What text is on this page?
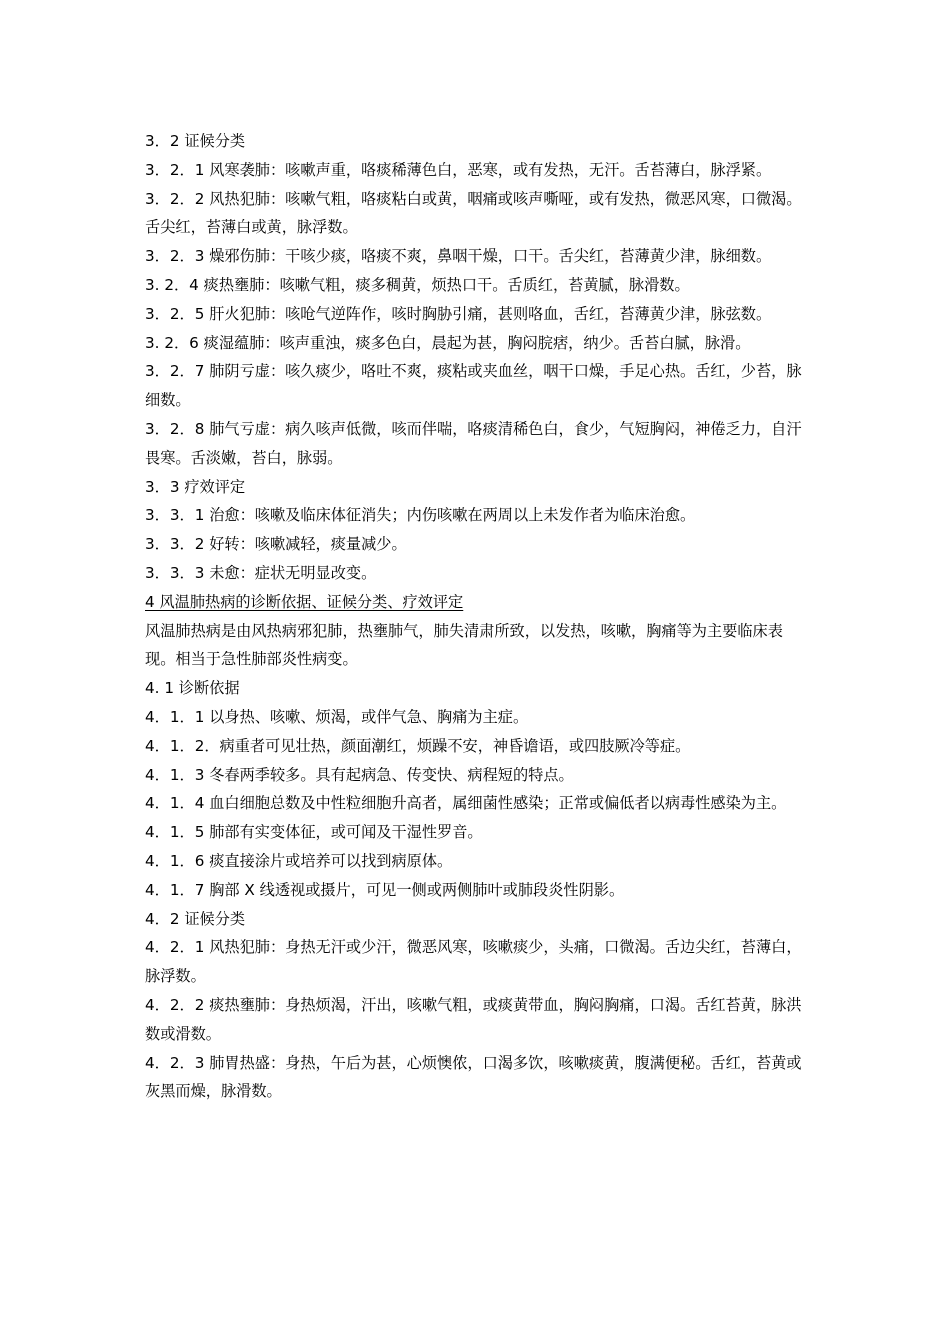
3．2 证候分类

3．2．1 风寒袭肺：咳嗽声重，咯痰稀薄色白，恶寒，或有发热，无汗。舌苔薄白，脉浮紧。

3．2．2 风热犯肺：咳嗽气粗，咯痰粘白或黄，咽痛或咳声嘶哑，或有发热，微恶风寒，口微渴。舌尖红，苔薄白或黄，脉浮数。

3．2．3 燥邪伤肺：干咳少痰，咯痰不爽，鼻咽干燥，口干。舌尖红，苔薄黄少津，脉细数。

3. 2．4 痰热壅肺：咳嗽气粗，痰多稠黄，烦热口干。舌质红，苔黄腻，脉滑数。

3．2．5 肝火犯肺：咳呛气逆阵作，咳时胸胁引痛，甚则咯血，舌红，苔薄黄少津，脉弦数。

3. 2．6 痰湿蕴肺：咳声重浊，痰多色白，晨起为甚，胸闷脘痞，纳少。舌苔白腻，脉滑。

3．2．7 肺阴亏虚：咳久痰少，咯吐不爽，痰粘或夹血丝，咽干口燥，手足心热。舌红，少苔，脉细数。

3．2．8 肺气亏虚：病久咳声低微，咳而伴喘，咯痰清稀色白，食少，气短胸闷，神倦乏力，自汗畏寒。舌淡嫩，苔白，脉弱。

3．3 疗效评定

3．3．1 治愈：咳嗽及临床体征消失；内伤咳嗽在两周以上未发作者为临床治愈。

3．3．2 好转：咳嗽减轻，痰量减少。

3．3．3 未愈：症状无明显改变。

4 风温肺热病的诊断依据、证候分类、疗效评定

风温肺热病是由风热病邪犯肺，热壅肺气，肺失清肃所致，以发热，咳嗽，胸痛等为主要临床表现。相当于急性肺部炎性病变。

4. 1 诊断依据

4．1．1 以身热、咳嗽、烦渴，或伴气急、胸痛为主症。

4．1．2．病重者可见壮热，颜面潮红，烦躁不安，神昏谵语，或四肢厥冷等症。

4．1．3 冬春两季较多。具有起病急、传变快、病程短的特点。

4．1．4 血白细胞总数及中性粒细胞升高者，属细菌性感染；正常或偏低者以病毒性感染为主。

4．1．5 肺部有实变体征，或可闻及干湿性罗音。

4．1．6 痰直接涂片或培养可以找到病原体。

4．1．7 胸部 X 线透视或摄片，可见一侧或两侧肺叶或肺段炎性阴影。

4．2 证候分类

4．2．1 风热犯肺：身热无汗或少汗，微恶风寒，咳嗽痰少，头痛，口微渴。舌边尖红，苔薄白，脉浮数。

4．2．2 痰热壅肺：身热烦渴，汗出，咳嗽气粗，或痰黄带血，胸闷胸痛，口渴。舌红苔黄，脉洪数或滑数。

4．2．3 肺胃热盛：身热，午后为甚，心烦懊侬，口渴多饮，咳嗽痰黄，腹满便秘。舌红，苔黄或灰黑而燥，脉滑数。
